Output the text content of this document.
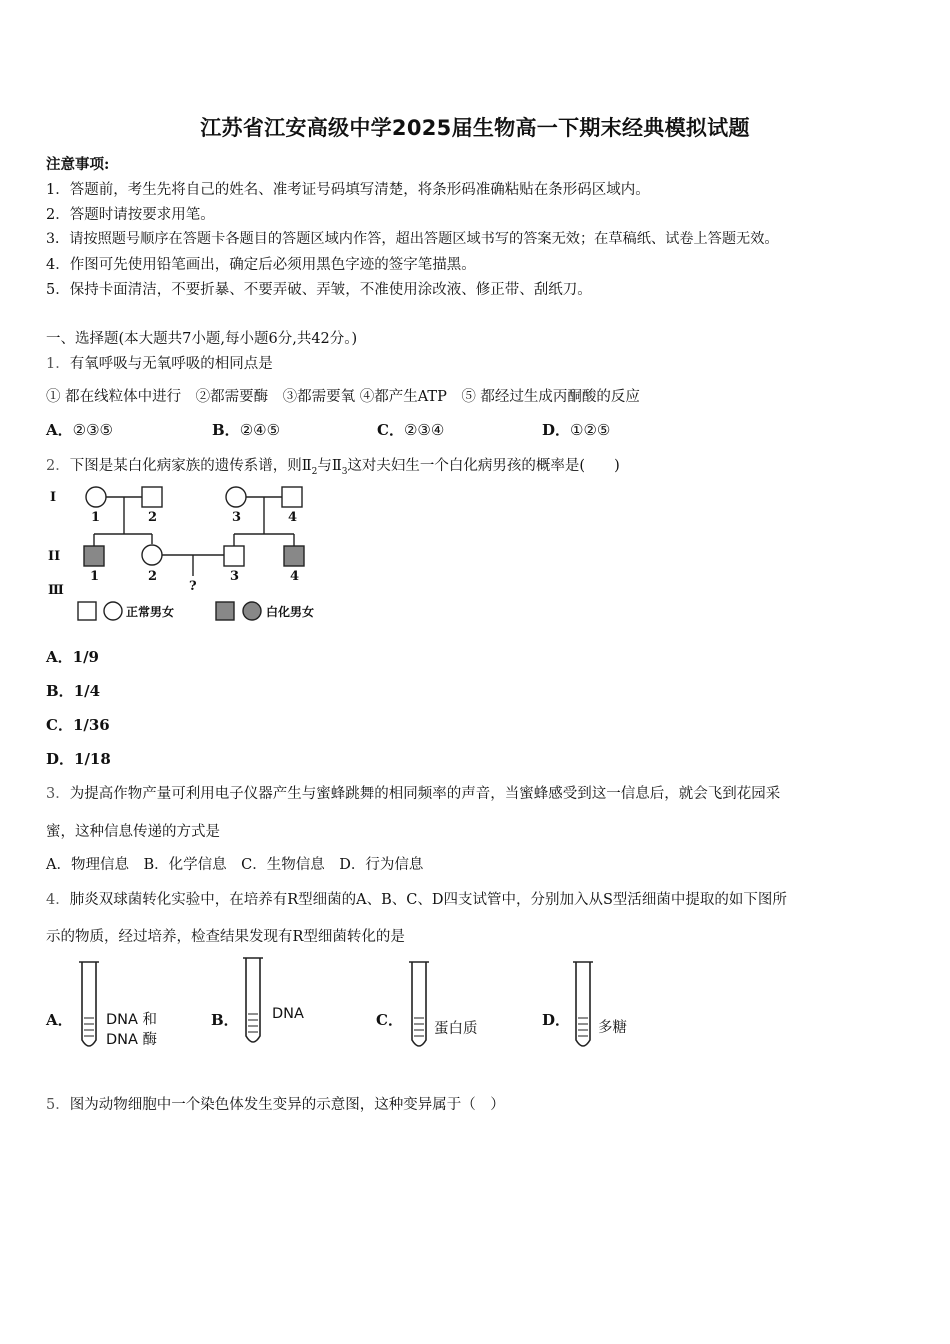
江苏省江安高级中学2025届生物高一下期末经典模拟试题
注意事项:
1．答题前，考生先将自己的姓名、准考证号码填写清楚，将条形码准确粘贴在条形码区域内。
2．答题时请按要求用笔。
3．请按照题号顺序在答题卡各题目的答题区域内作答，超出答题区域书写的答案无效；在草稿纸、试卷上答题无效。
4．作图可先使用铅笔画出，确定后必须用黑色字迹的签字笔描黑。
5．保持卡面清洁，不要折暴、不要弄破、弄皱，不准使用涂改液、修正带、刮纸刀。
一、选择题(本大题共7小题,每小题6分,共42分。)
1．有氧呼吸与无氧呼吸的相同点是
① 都在线粒体中进行　②都需要酶　③都需要氧 ④都产生ATP　⑤ 都经过生成丙酮酸的反应
A．②③⑤	B．②④⑤	C．②③④	D．①②⑤
2．下图是某白化病家族的遗传系谱，则$Ⅱ_2$与$Ⅱ_3$这对夫妇生一个白化病男孩的概率是(　　)
I
II
Ⅲ
1	2	3	4
1	2	3	4
?
正常男女	白化男女
A．1/9
B．1/4
C．1/36
D．1/18
3．为提高作物产量可利用电子仪器产生与蜜蜂跳舞的相同频率的声音，当蜜蜂感受到这一信息后，就会飞到花园采
蜜，这种信息传递的方式是
A．物理信息　B．化学信息　C．生物信息　D．行为信息
4．肺炎双球菌转化实验中，在培养有R型细菌的A、B、C、D四支试管中，分别加入从S型活细菌中提取的如下图所
示的物质，经过培养，检查结果发现有R型细菌转化的是
A． DNA 和
DNA 酶
B． DNA	C． 蛋白质	D． 多糖
5．图为动物细胞中一个染色体发生变异的示意图，这种变异属于（　）
